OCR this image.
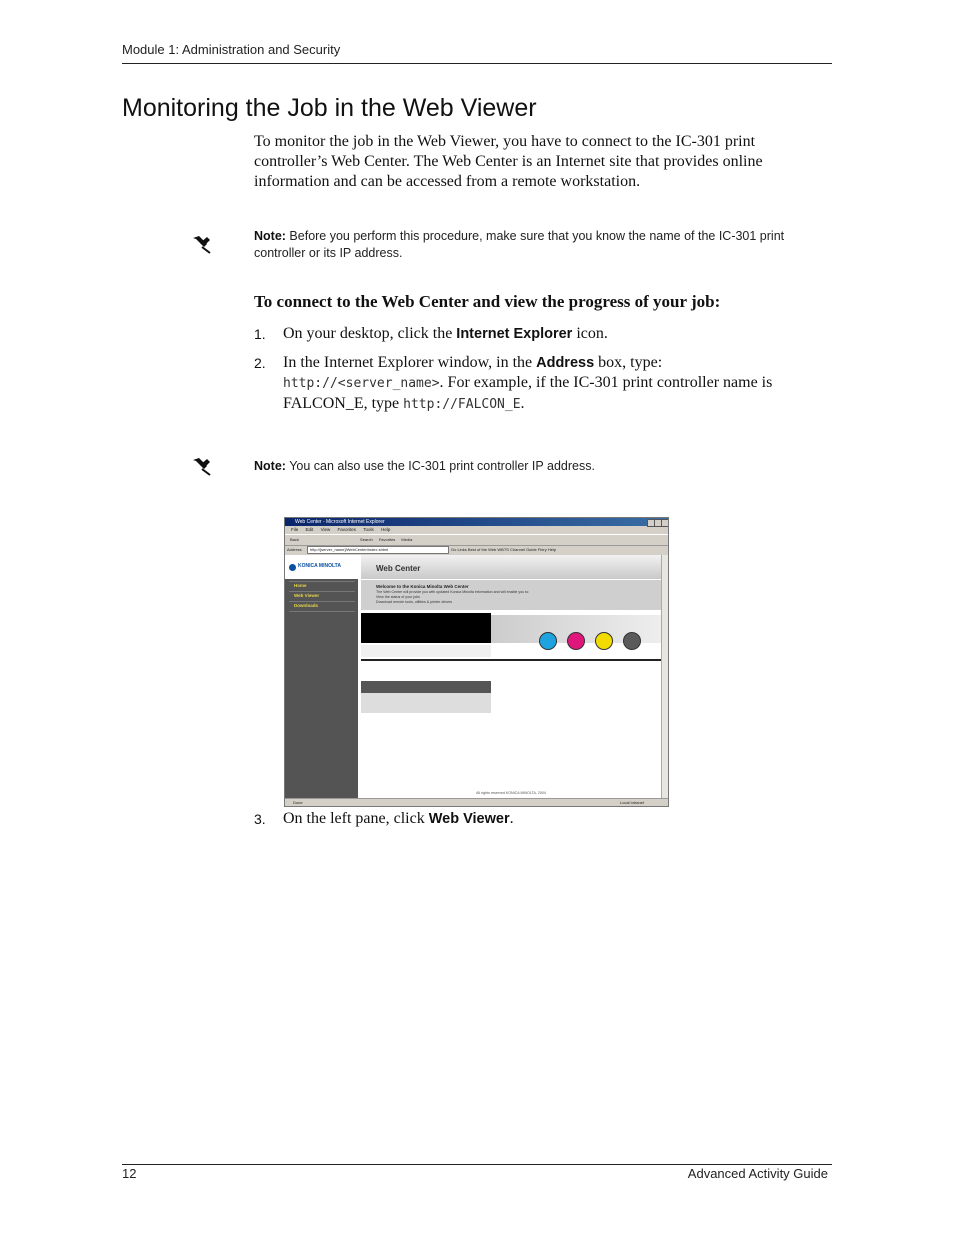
Module 1: Administration and Security
Monitoring the Job in the Web Viewer
To monitor the job in the Web Viewer, you have to connect to the IC-301 print controller’s Web Center. The Web Center is an Internet site that provides online information and can be accessed from a remote workstation.
Note: Before you perform this procedure, make sure that you know the name of the IC-301 print controller or its IP address.
To connect to the Web Center and view the progress of your job:
1. On your desktop, click the Internet Explorer icon.
2. In the Internet Explorer window, in the Address box, type:
http://<server_name>. For example, if the IC-301 print controller name is FALCON_E, type http://FALCON_E.
Note: You can also use the IC-301 print controller IP address.
Web Center - Microsoft Internet Explorer
File Edit View Favorites Tools Help
Back	Search Favorites Media
Address	http://[server_name]/WebCenter/index.shtml	Go Links Best of the Web WBTS Channel Guide Fiery Help
KONICA MINOLTA
Home
Web Viewer
Downloads
Web Center
Welcome to the Konica Minolta Web Center
The Web Center will provide you with updated Konica Minolta information and will enable you to:
View the status of your jobs
Download remote tools, utilities & printer drivers
All rights reserved KONICA MINOLTA, 2004
Done	Local intranet
3. On the left pane, click Web Viewer.
12	Advanced Activity Guide
